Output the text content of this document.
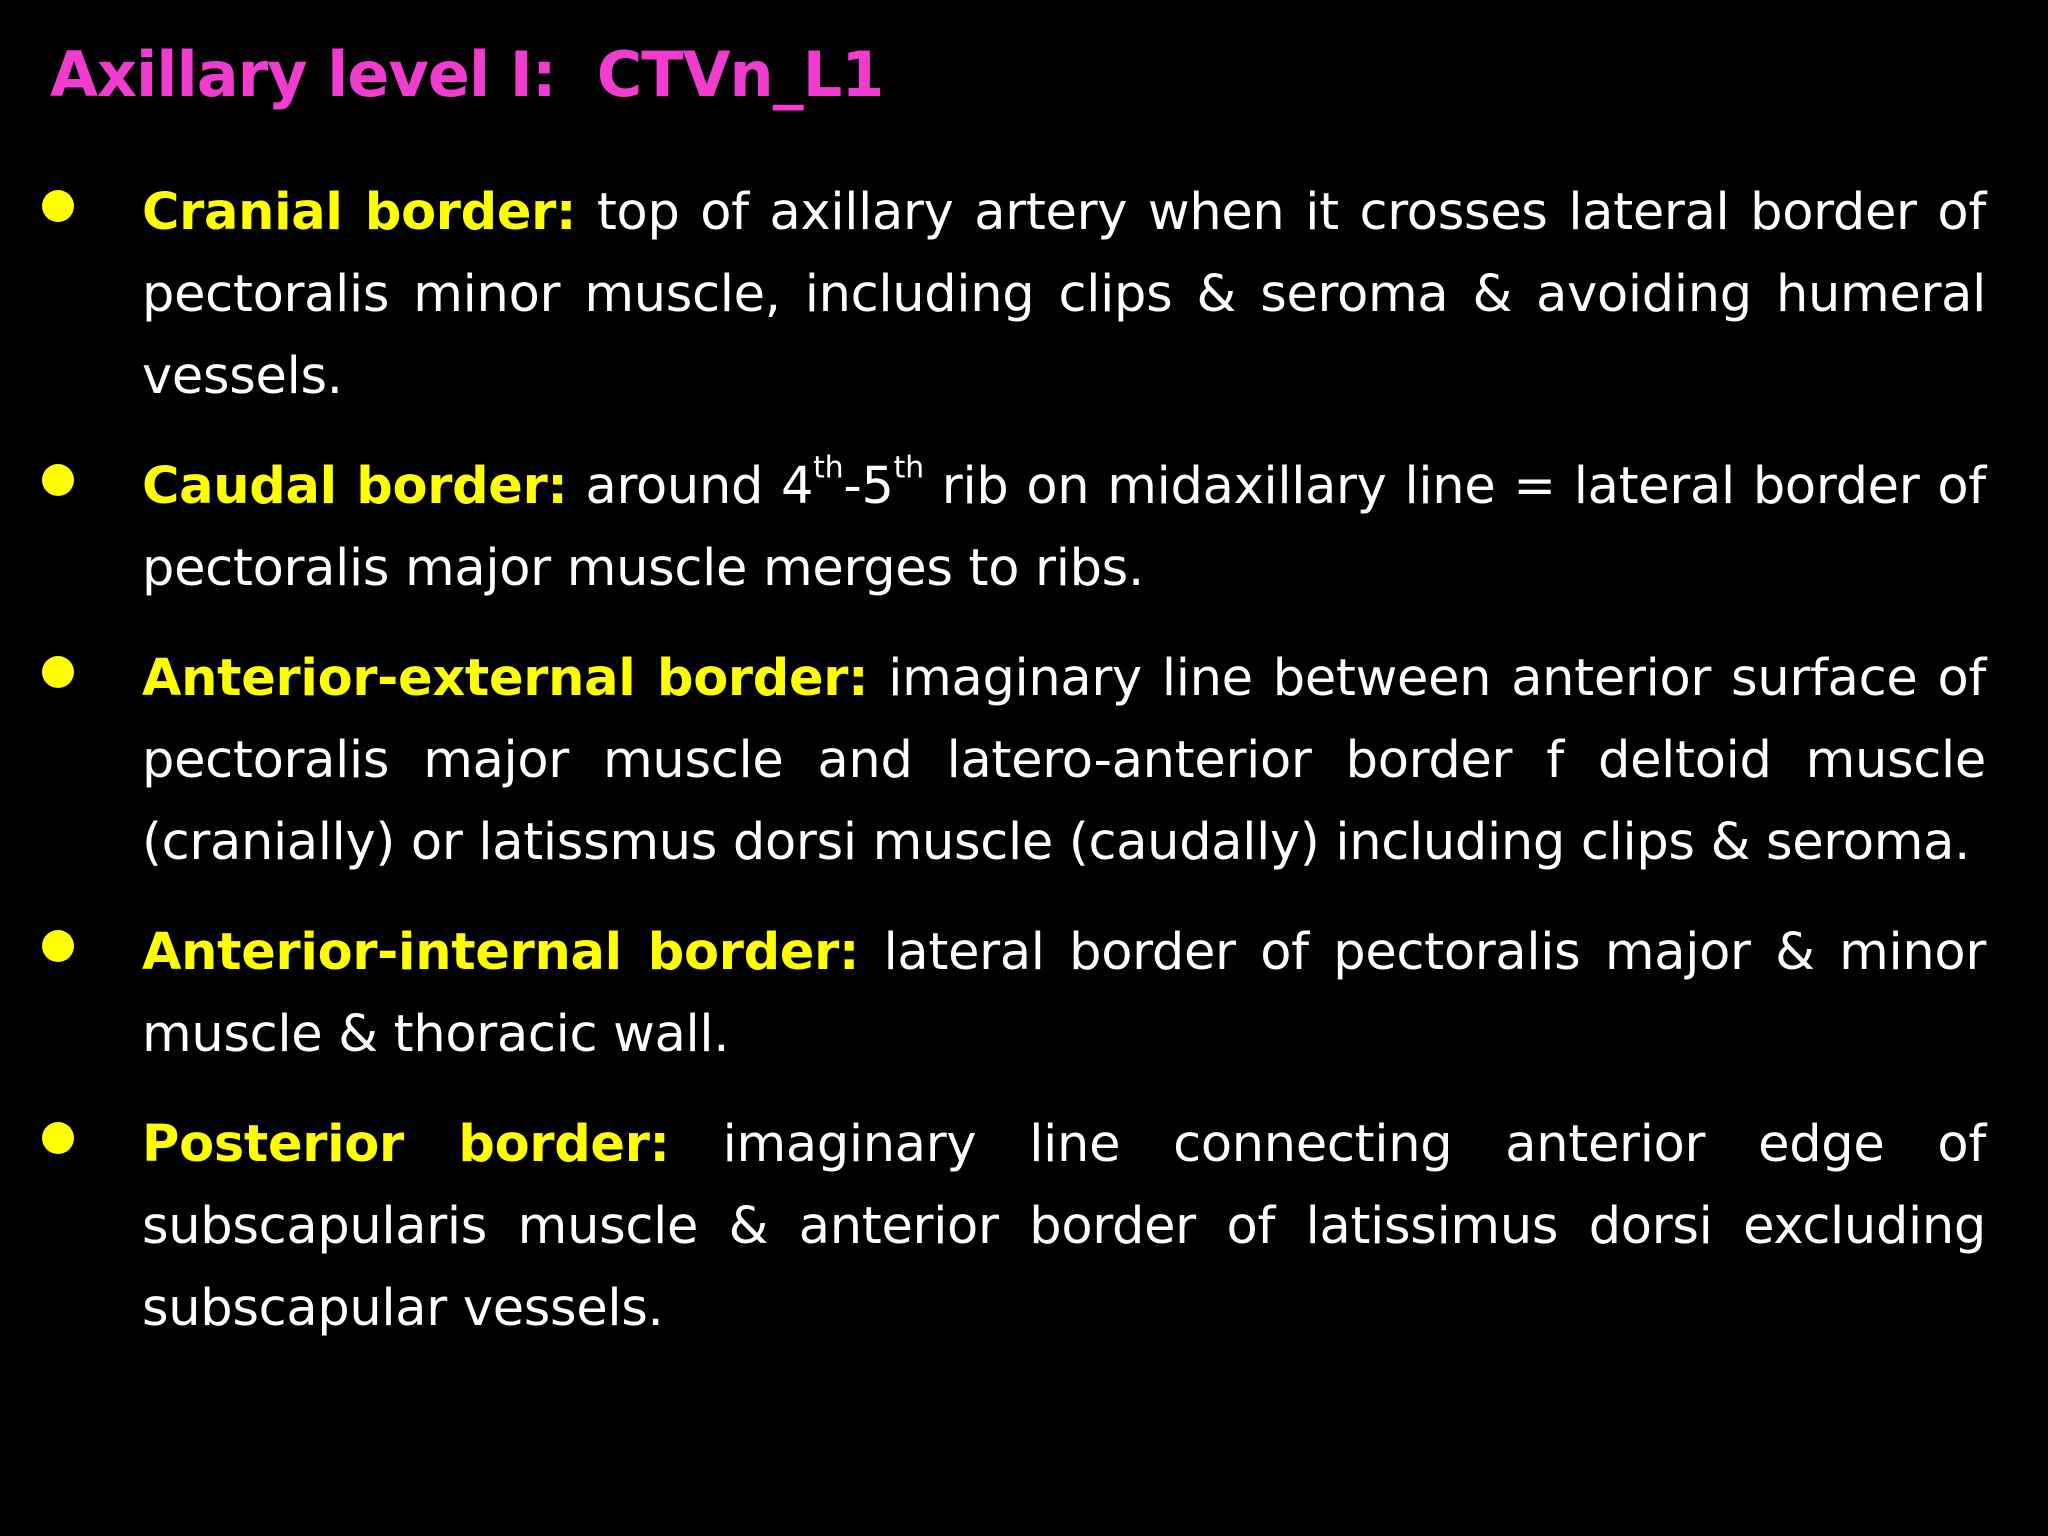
Axillary level I:  CTVn_L1
Cranial border: top of axillary artery when it crosses lateral border of pectoralis minor muscle, including clips & seroma & avoiding humeral vessels.
Caudal border: around 4th-5th rib on midaxillary line = lateral border of pectoralis major muscle merges to ribs.
Anterior-external border: imaginary line between anterior surface of pectoralis major muscle and latero-anterior border f deltoid muscle (cranially) or latissmus dorsi muscle (caudally) including clips & seroma.
Anterior-internal border: lateral border of pectoralis major & minor muscle & thoracic wall.
Posterior border: imaginary line connecting anterior edge of subscapularis muscle & anterior border of latissimus dorsi excluding subscapular vessels.
